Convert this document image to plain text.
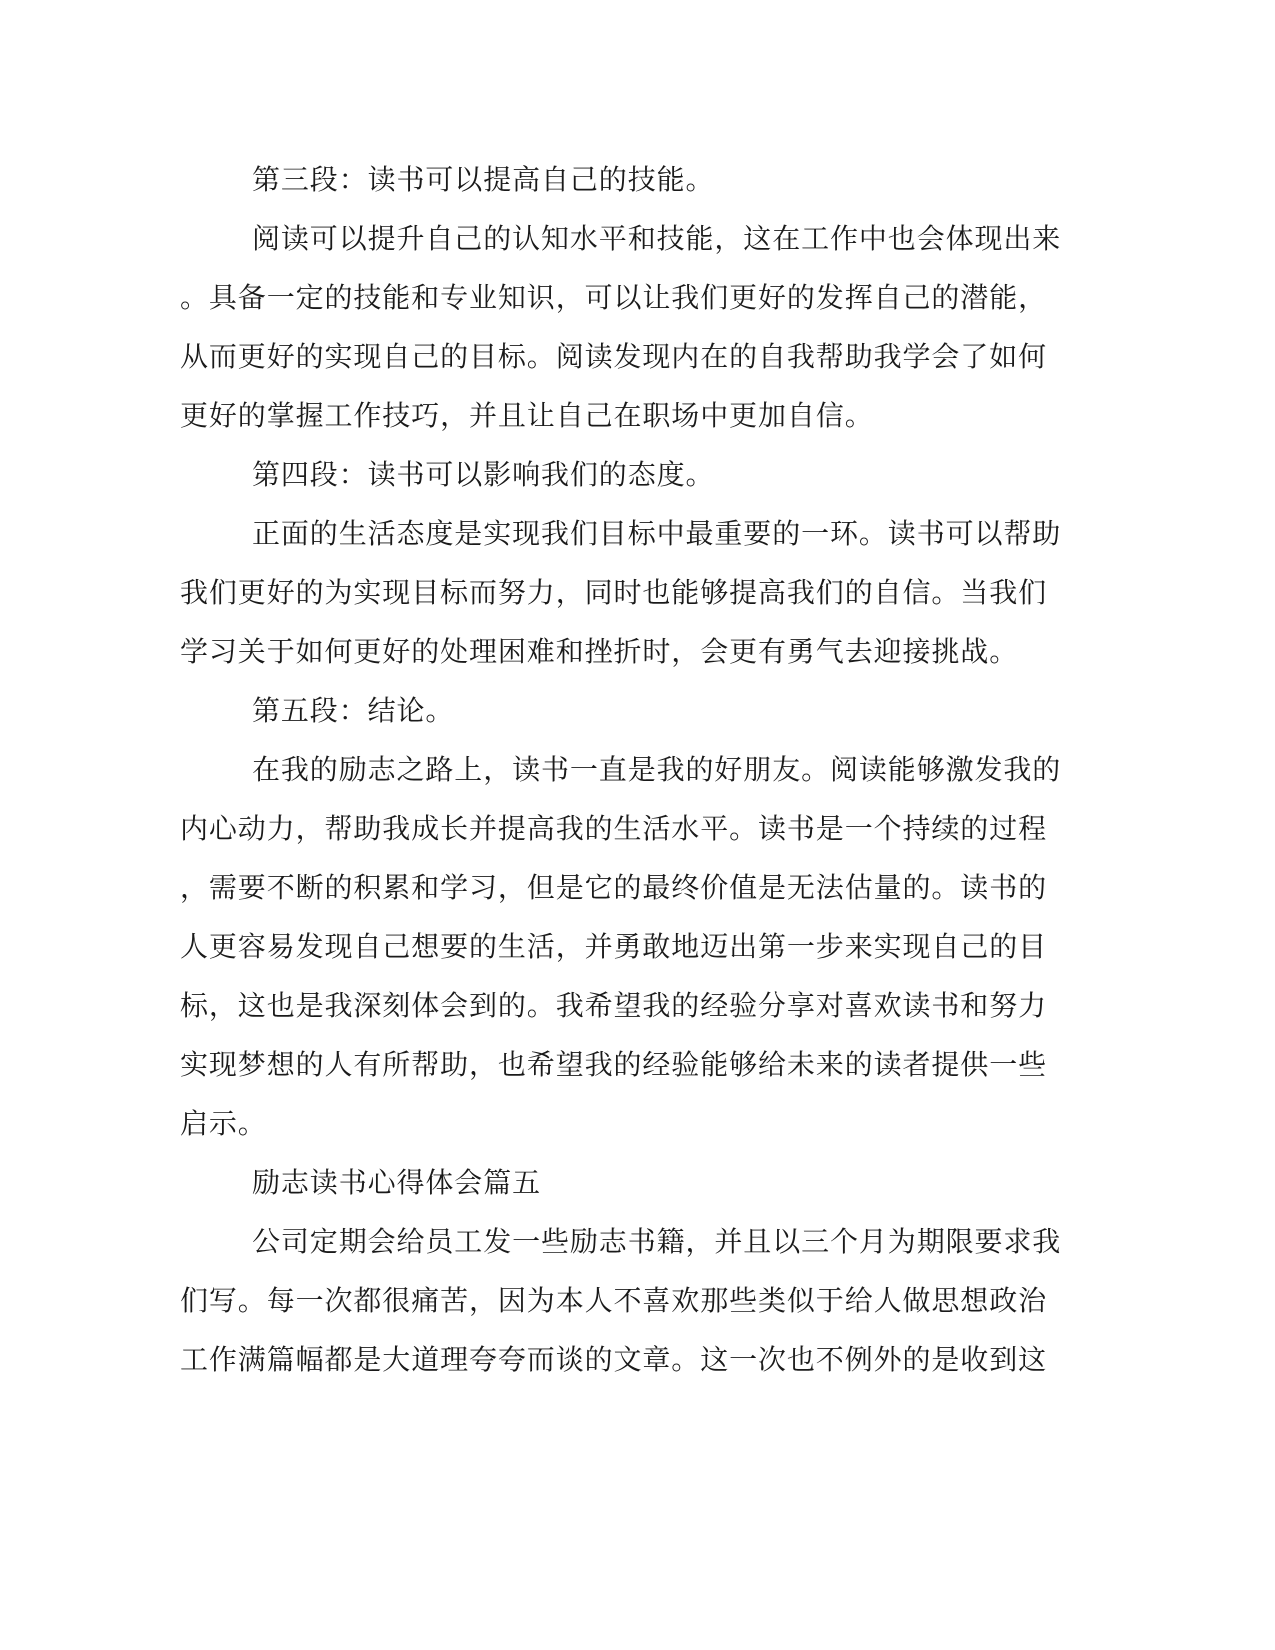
第三段：读书可以提高自己的技能。

阅读可以提升自己的认知水平和技能，这在工作中也会体现出来

。具备一定的技能和专业知识，可以让我们更好的发挥自己的潜能，

从而更好的实现自己的目标。阅读发现内在的自我帮助我学会了如何

更好的掌握工作技巧，并且让自己在职场中更加自信。

第四段：读书可以影响我们的态度。

正面的生活态度是实现我们目标中最重要的一环。读书可以帮助

我们更好的为实现目标而努力，同时也能够提高我们的自信。当我们

学习关于如何更好的处理困难和挫折时，会更有勇气去迎接挑战。

第五段：结论。

在我的励志之路上，读书一直是我的好朋友。阅读能够激发我的

内心动力，帮助我成长并提高我的生活水平。读书是一个持续的过程

，需要不断的积累和学习，但是它的最终价值是无法估量的。读书的

人更容易发现自己想要的生活，并勇敢地迈出第一步来实现自己的目

标，这也是我深刻体会到的。我希望我的经验分享对喜欢读书和努力

实现梦想的人有所帮助，也希望我的经验能够给未来的读者提供一些

启示。

励志读书心得体会篇五

公司定期会给员工发一些励志书籍，并且以三个月为期限要求我

们写。每一次都很痛苦，因为本人不喜欢那些类似于给人做思想政治

工作满篇幅都是大道理夸夸而谈的文章。这一次也不例外的是收到这
